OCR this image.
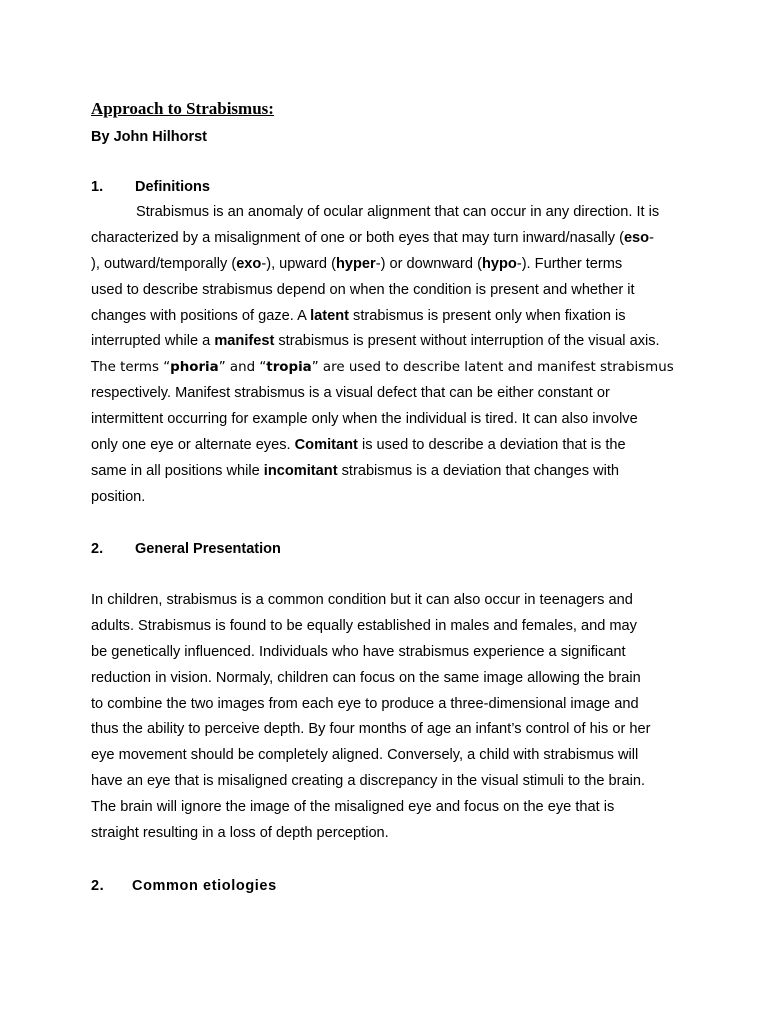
Approach to Strabismus:

By John Hilhorst

1. Definitions
Strabismus is an anomaly of ocular alignment that can occur in any direction. It is
characterized by a misalignment of one or both eyes that may turn inward/nasally (eso-
), outward/temporally (exo-), upward (hyper-) or downward (hypo-). Further terms
used to describe strabismus depend on when the condition is present and whether it
changes with positions of gaze. A latent strabismus is present only when fixation is
interrupted while a manifest strabismus is present without interruption of the visual axis.
The terms “phoria” and “tropia” are used to describe latent and manifest strabismus
respectively. Manifest strabismus is a visual defect that can be either constant or
intermittent occurring for example only when the individual is tired. It can also involve
only one eye or alternate eyes. Comitant is used to describe a deviation that is the
same in all positions while incomitant strabismus is a deviation that changes with
position.
2. General Presentation
In children, strabismus is a common condition but it can also occur in teenagers and
adults. Strabismus is found to be equally established in males and females, and may
be genetically influenced. Individuals who have strabismus experience a significant
reduction in vision. Normaly, children can focus on the same image allowing the brain
to combine the two images from each eye to produce a three-dimensional image and
thus the ability to perceive depth. By four months of age an infant’s control of his or her
eye movement should be completely aligned. Conversely, a child with strabismus will
have an eye that is misaligned creating a discrepancy in the visual stimuli to the brain.
The brain will ignore the image of the misaligned eye and focus on the eye that is
straight resulting in a loss of depth perception.
2. Common etiologies
